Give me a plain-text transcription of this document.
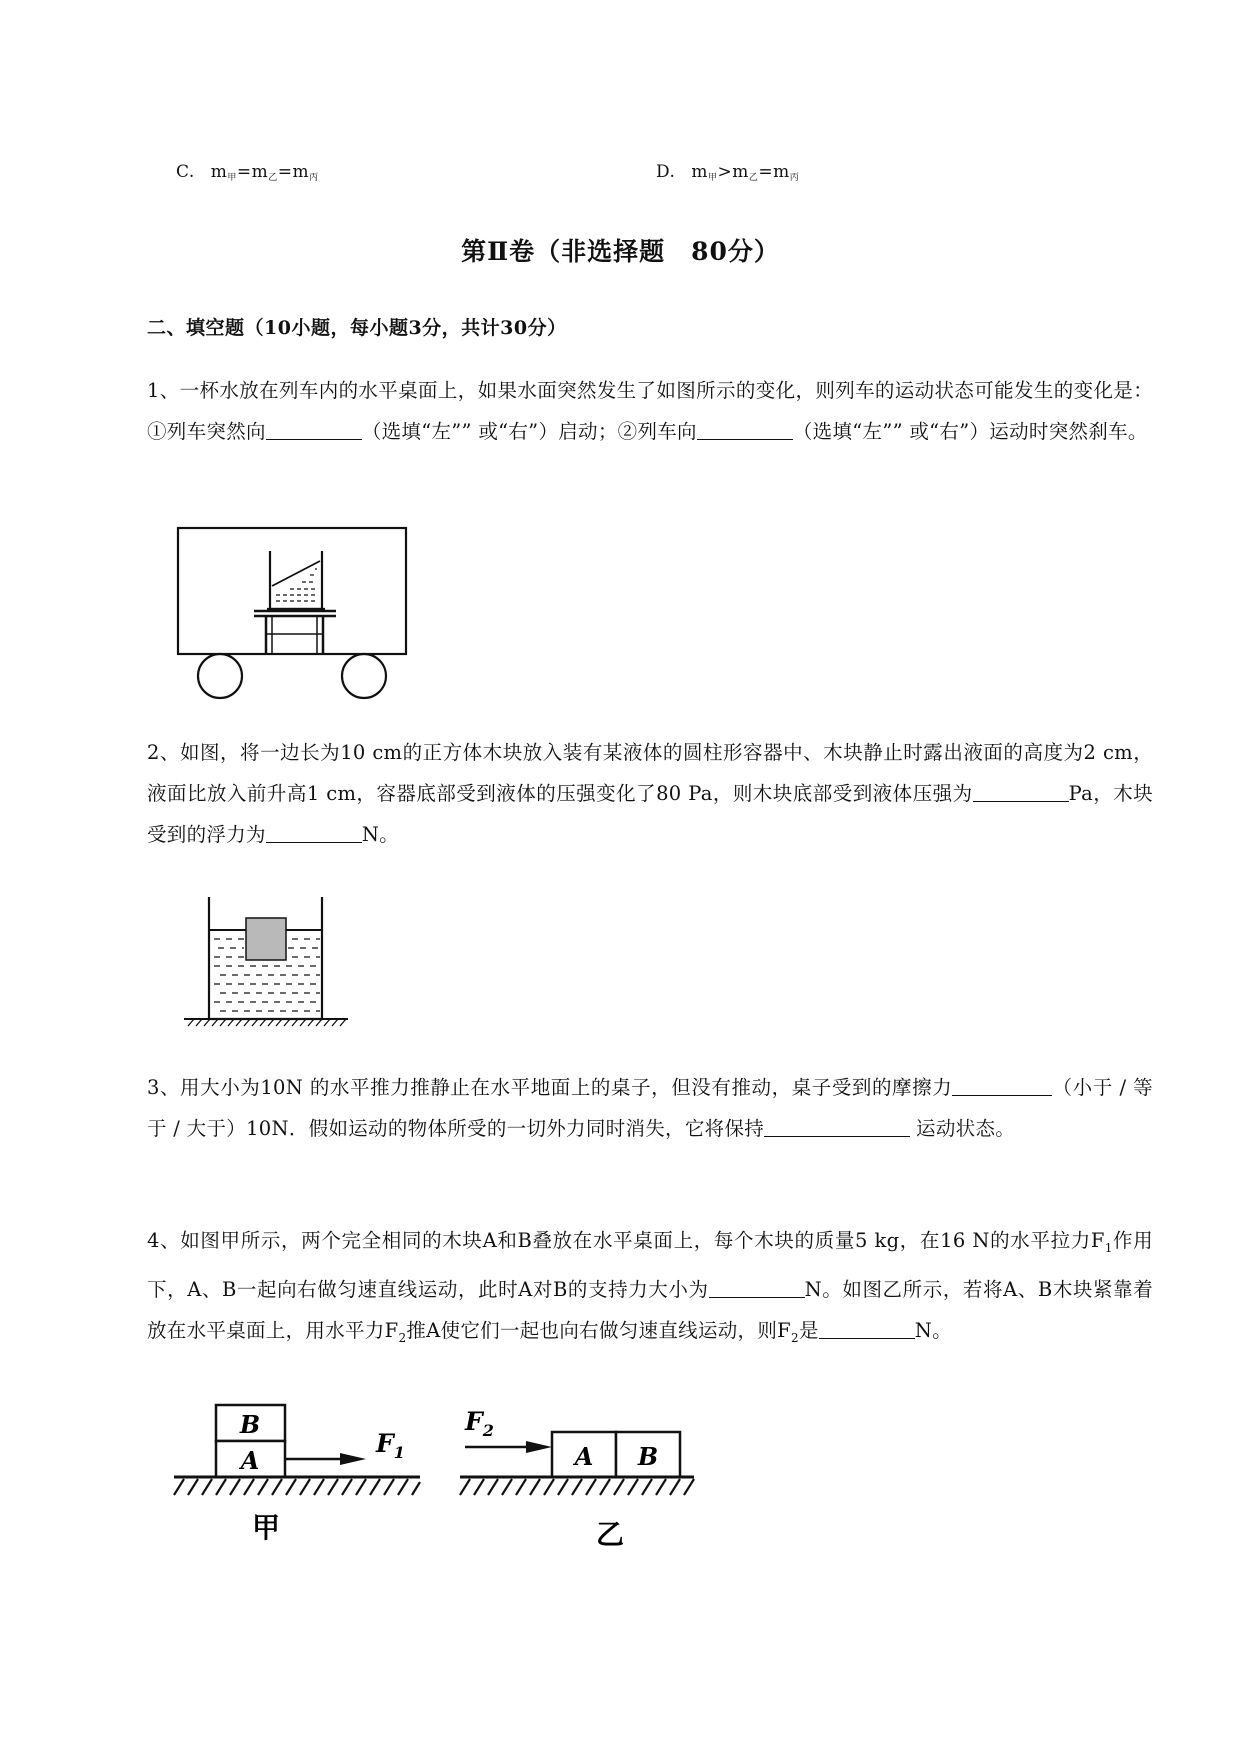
C. $m_甲=m_乙=m_丙$	D. $m_甲>m_乙=m_丙$
第Ⅱ卷（非选择题　80分）
二、填空题（10小题，每小题3分，共计30分）
1、一杯水放在列车内的水平桌面上，如果水面突然发生了如图所示的变化，则列车的运动状态可能发生的变化是：①列车突然向	（选填“左”” 或“右”）启动；②列车向	（选填“左”” 或“右”）运动时突然刹车。
2、如图，将一边长为10 cm的正方体木块放入装有某液体的圆柱形容器中、木块静止时露出液面的高度为2 cm，液面比放入前升高1 cm，容器底部受到液体的压强变化了80 Pa，则木块底部受到液体压强为	Pa，木块受到的浮力为	N。
3、用大小为10N 的水平推力推静止在水平地面上的桌子，但没有推动，桌子受到的摩擦力	（小于 / 等于 / 大于）10N．假如运动的物体所受的一切外力同时消失，它将保持	运动状态。
4、如图甲所示，两个完全相同的木块A和B叠放在水平桌面上，每个木块的质量5 kg，在16 N的水平拉力$F_1$作用下，A、B一起向右做匀速直线运动，此时A对B的支持力大小为	N。如图乙所示，若将A、B木块紧靠着放在水平桌面上，用水平力$F_2$推A使它们一起也向右做匀速直线运动，则$F_2$是	N。
B
A
$F_1$
甲
$F_2$
A B
乙
